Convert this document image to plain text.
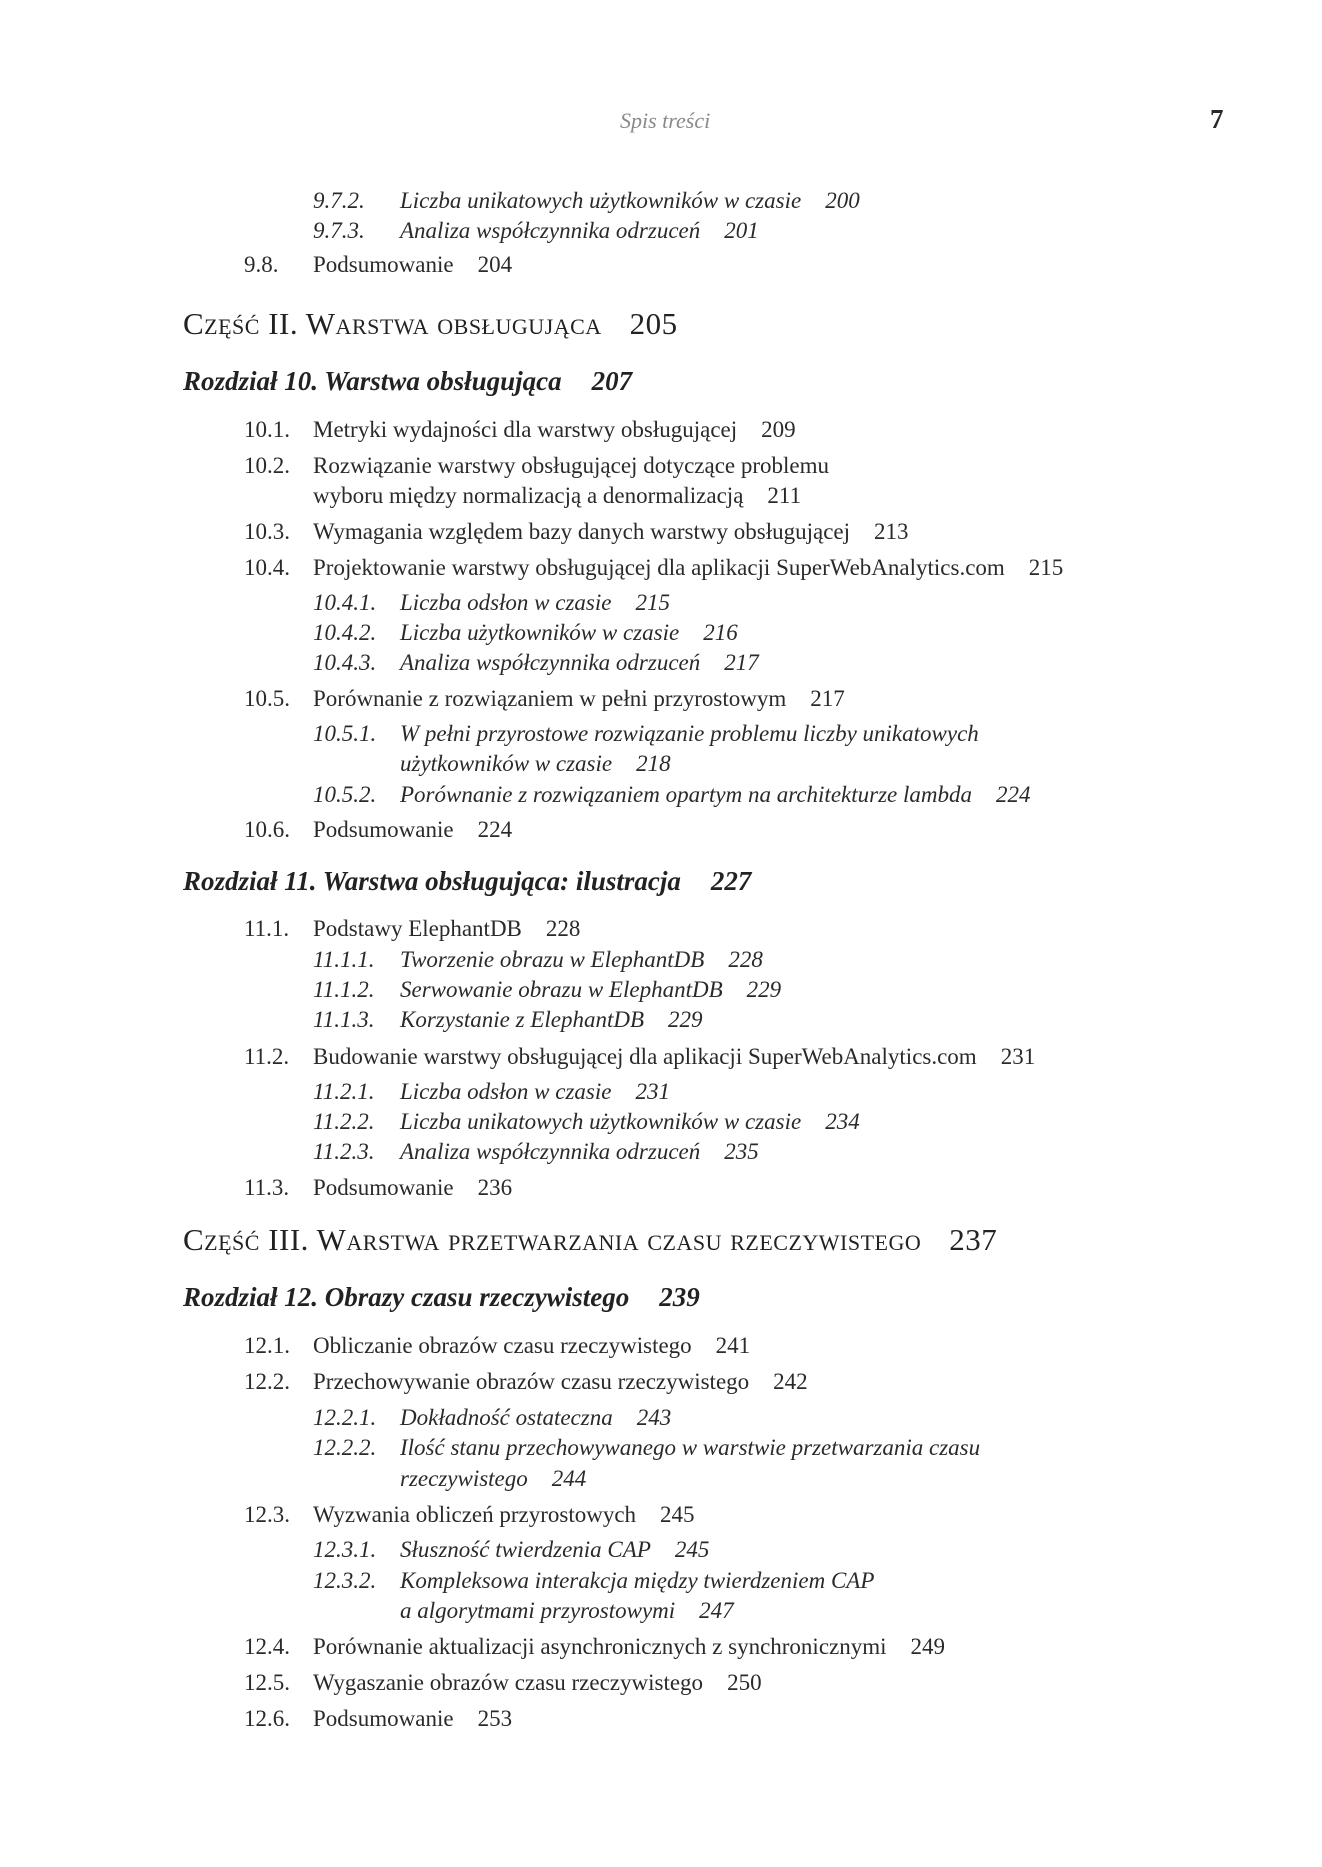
Spis treści	7
9.7.2. Liczba unikatowych użytkowników w czasie 200
9.7.3. Analiza współczynnika odrzuceń 201
9.8. Podsumowanie 204
Część II. Warstwa obsługująca 205
Rozdział 10. Warstwa obsługująca 207
10.1. Metryki wydajności dla warstwy obsługującej 209
10.2. Rozwiązanie warstwy obsługującej dotyczące problemu
wyboru między normalizacją a denormalizacją 211
10.3. Wymagania względem bazy danych warstwy obsługującej 213
10.4. Projektowanie warstwy obsługującej dla aplikacji SuperWebAnalytics.com 215
10.4.1. Liczba odsłon w czasie 215
10.4.2. Liczba użytkowników w czasie 216
10.4.3. Analiza współczynnika odrzuceń 217
10.5. Porównanie z rozwiązaniem w pełni przyrostowym 217
10.5.1. W pełni przyrostowe rozwiązanie problemu liczby unikatowych
użytkowników w czasie 218
10.5.2. Porównanie z rozwiązaniem opartym na architekturze lambda 224
10.6. Podsumowanie 224
Rozdział 11. Warstwa obsługująca: ilustracja 227
11.1. Podstawy ElephantDB 228
11.1.1. Tworzenie obrazu w ElephantDB 228
11.1.2. Serwowanie obrazu w ElephantDB 229
11.1.3. Korzystanie z ElephantDB 229
11.2. Budowanie warstwy obsługującej dla aplikacji SuperWebAnalytics.com 231
11.2.1. Liczba odsłon w czasie 231
11.2.2. Liczba unikatowych użytkowników w czasie 234
11.2.3. Analiza współczynnika odrzuceń 235
11.3. Podsumowanie 236
Część III. Warstwa przetwarzania czasu rzeczywistego 237
Rozdział 12. Obrazy czasu rzeczywistego 239
12.1. Obliczanie obrazów czasu rzeczywistego 241
12.2. Przechowywanie obrazów czasu rzeczywistego 242
12.2.1. Dokładność ostateczna 243
12.2.2. Ilość stanu przechowywanego w warstwie przetwarzania czasu
rzeczywistego 244
12.3. Wyzwania obliczeń przyrostowych 245
12.3.1. Słuszność twierdzenia CAP 245
12.3.2. Kompleksowa interakcja między twierdzeniem CAP
a algorytmami przyrostowymi 247
12.4. Porównanie aktualizacji asynchronicznych z synchronicznymi 249
12.5. Wygaszanie obrazów czasu rzeczywistego 250
12.6. Podsumowanie 253
